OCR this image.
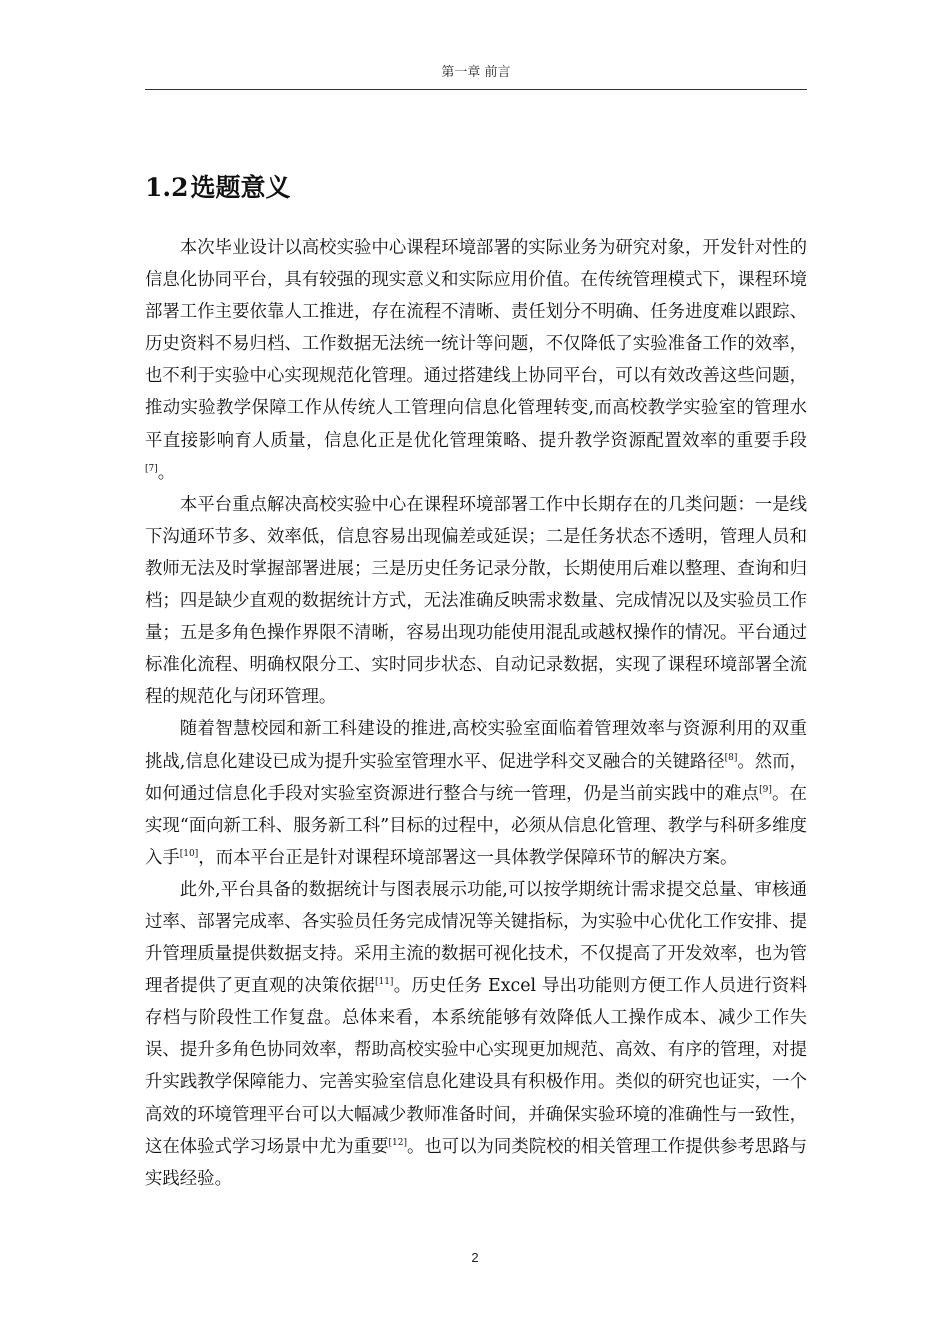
第一章 前言
1.2选题意义

本次毕业设计以高校实验中心课程环境部署的实际业务为研究对象，开发针对性的信息化协同平台，具有较强的现实意义和实际应用价值。在传统管理模式下，课程环境部署工作主要依靠人工推进，存在流程不清晰、责任划分不明确、任务进度难以跟踪、历史资料不易归档、工作数据无法统一统计等问题，不仅降低了实验准备工作的效率，也不利于实验中心实现规范化管理。通过搭建线上协同平台，可以有效改善这些问题，推动实验教学保障工作从传统人工管理向信息化管理转变,而高校教学实验室的管理水平直接影响育人质量，信息化正是优化管理策略、提升教学资源配置效率的重要手段[7]。

本平台重点解决高校实验中心在课程环境部署工作中长期存在的几类问题：一是线下沟通环节多、效率低，信息容易出现偏差或延误；二是任务状态不透明，管理人员和教师无法及时掌握部署进展；三是历史任务记录分散，长期使用后难以整理、查询和归档；四是缺少直观的数据统计方式，无法准确反映需求数量、完成情况以及实验员工作量；五是多角色操作界限不清晰，容易出现功能使用混乱或越权操作的情况。平台通过标准化流程、明确权限分工、实时同步状态、自动记录数据，实现了课程环境部署全流程的规范化与闭环管理。

随着智慧校园和新工科建设的推进,高校实验室面临着管理效率与资源利用的双重挑战,信息化建设已成为提升实验室管理水平、促进学科交叉融合的关键路径[8]。然而，如何通过信息化手段对实验室资源进行整合与统一管理，仍是当前实践中的难点[9]。在实现“面向新工科、服务新工科”目标的过程中，必须从信息化管理、教学与科研多维度入手[10]，而本平台正是针对课程环境部署这一具体教学保障环节的解决方案。

此外,平台具备的数据统计与图表展示功能,可以按学期统计需求提交总量、审核通过率、部署完成率、各实验员任务完成情况等关键指标，为实验中心优化工作安排、提升管理质量提供数据支持。采用主流的数据可视化技术，不仅提高了开发效率，也为管理者提供了更直观的决策依据[11]。历史任务 Excel 导出功能则方便工作人员进行资料存档与阶段性工作复盘。总体来看，本系统能够有效降低人工操作成本、减少工作失误、提升多角色协同效率，帮助高校实验中心实现更加规范、高效、有序的管理，对提升实践教学保障能力、完善实验室信息化建设具有积极作用。类似的研究也证实，一个高效的环境管理平台可以大幅减少教师准备时间，并确保实验环境的准确性与一致性，这在体验式学习场景中尤为重要[12]。也可以为同类院校的相关管理工作提供参考思路与实践经验。

2
